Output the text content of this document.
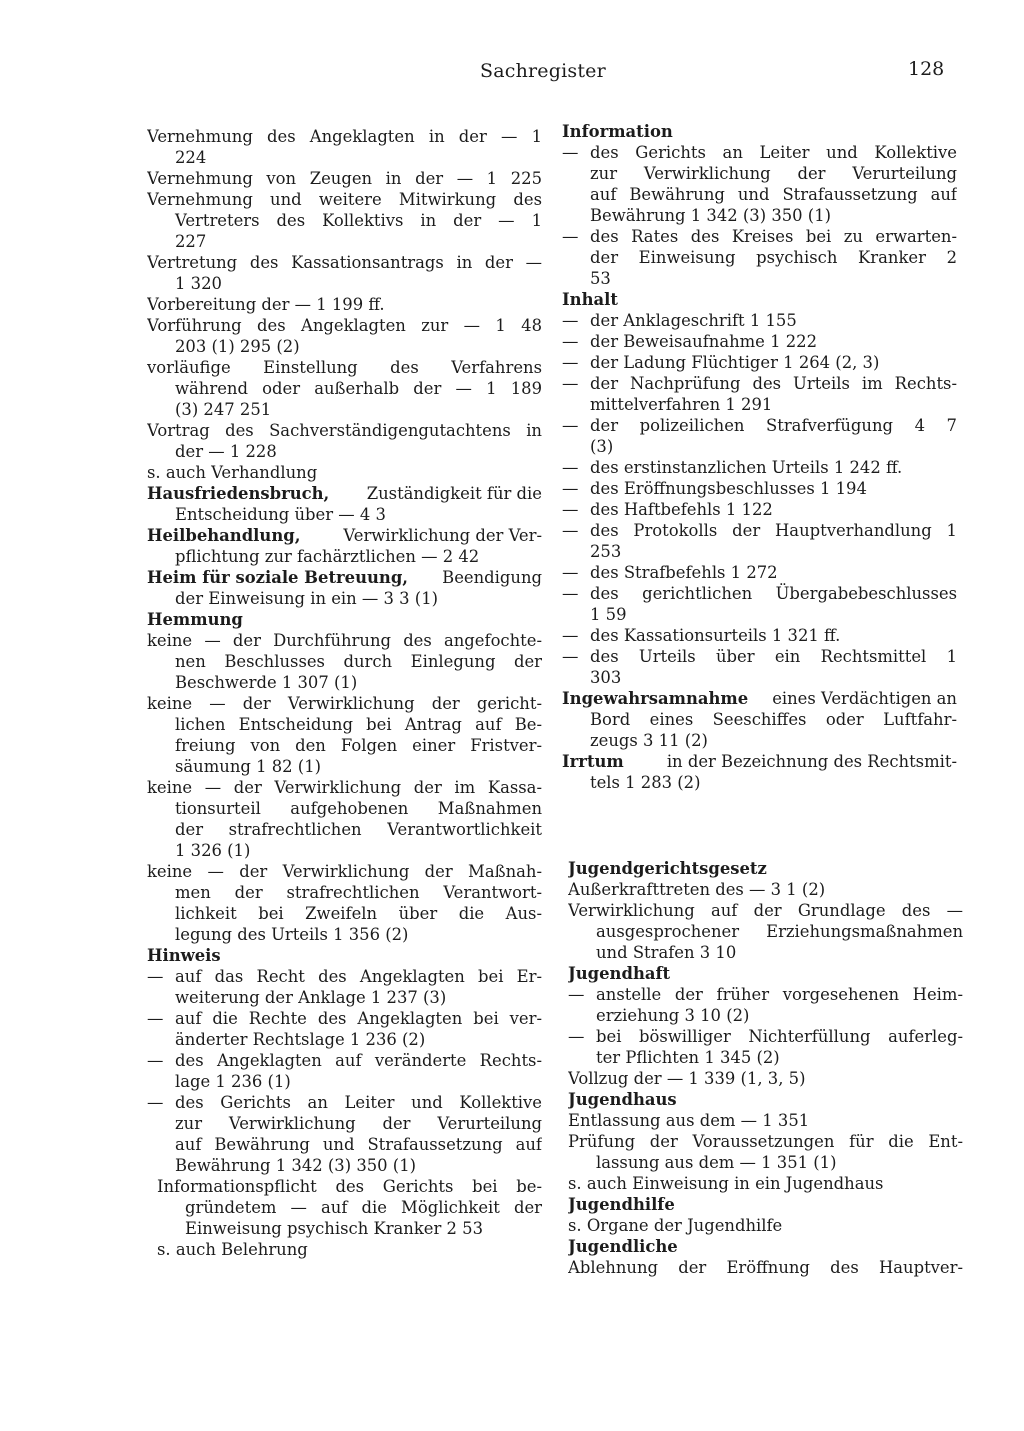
Sachregister	128
Vernehmung des Angeklagten in der — 1
224
Vernehmung von Zeugen in der — 1 225
Vernehmung und weitere Mitwirkung des
Vertreters des Kollektivs in der — 1
227
Vertretung des Kassationsantrags in der —
1 320
Vorbereitung der — 1 199 ff.
Vorführung des Angeklagten zur — 1 48
203 (1) 295 (2)
vorläufige Einstellung des Verfahrens
während oder außerhalb der — 1 189
(3) 247 251
Vortrag des Sachverständigengutachtens in
der — 1 228
s. auch Verhandlung
Hausfriedensbruch, Zuständigkeit für die
Entscheidung über — 4 3
Heilbehandlung,	Verwirklichung der Ver-
pflichtung zur fachärztlichen — 2 42
Heim für soziale Betreuung, Beendigung
der Einweisung in ein — 3 3 (1)
Hemmung
keine — der Durchführung des angefochte-
nen Beschlusses durch Einlegung der
Beschwerde 1 307 (1)
keine — der Verwirklichung der gericht-
lichen Entscheidung bei Antrag auf Be-
freiung von den Folgen einer Fristver-
säumung 1 82 (1)
keine — der Verwirklichung der im Kassa-
tionsurteil aufgehobenen Maßnahmen
der strafrechtlichen Verantwortlichkeit
1 326 (1)
keine — der Verwirklichung der Maßnah-
men der strafrechtlichen Verantwort-
lichkeit bei Zweifeln über die Aus-
legung des Urteils 1 356 (2)
Hinweis
— auf das Recht des Angeklagten bei Er-
weiterung der Anklage 1 237 (3)
— auf die Rechte des Angeklagten bei ver-
änderter Rechtslage 1 236 (2)
— des Angeklagten auf veränderte Rechts-
lage 1 236 (1)
— des Gerichts an Leiter und Kollektive
zur Verwirklichung der Verurteilung
auf Bewährung und Strafaussetzung auf
Bewährung 1 342 (3) 350 (1)
Informationspflicht des Gerichts bei be-
gründetem — auf die Möglichkeit der
Einweisung psychisch Kranker 2 53
s. auch Belehrung
Information
— des Gerichts an Leiter und Kollektive
zur Verwirklichung der Verurteilung
auf Bewährung und Strafaussetzung auf
Bewährung 1 342 (3) 350 (1)
— des Rates des Kreises bei zu erwarten-
der Einweisung psychisch Kranker 2
53
Inhalt
— der Anklageschrift 1 155
— der Beweisaufnahme 1 222
— der Ladung Flüchtiger 1 264 (2, 3)
— der Nachprüfung des Urteils im Rechts-
mittelverfahren 1 291
— der polizeilichen Strafverfügung 4 7
(3)
— des erstinstanzlichen Urteils 1 242 ff.
— des Eröffnungsbeschlusses 1 194
— des Haftbefehls 1 122
— des Protokolls der Hauptverhandlung 1
253
— des Strafbefehls 1 272
— des gerichtlichen Übergabebeschlusses
1 59
— des Kassationsurteils 1 321 ff.
— des Urteils über ein Rechtsmittel 1
303
Ingewahrsamnahme eines Verdächtigen an
Bord eines Seeschiffes oder Luftfahr-
zeugs 3 11 (2)
Irrtum	in der Bezeichnung des Rechtsmit-
tels 1 283 (2)
Jugendgerichtsgesetz
Außerkrafttreten des — 3 1 (2)
Verwirklichung auf der Grundlage des —
ausgesprochener Erziehungsmaßnahmen
und Strafen 3 10
Jugendhaft
— anstelle der früher vorgesehenen Heim-
erziehung 3 10 (2)
— bei böswilliger Nichterfüllung auferleg-
ter Pflichten 1 345 (2)
Vollzug der — 1 339 (1, 3, 5)
Jugendhaus
Entlassung aus dem — 1 351
Prüfung der Voraussetzungen für die Ent-
lassung aus dem — 1 351 (1)
s. auch Einweisung in ein Jugendhaus
Jugendhilfe
s. Organe der Jugendhilfe
Jugendliche
Ablehnung der Eröffnung des Hauptver-
